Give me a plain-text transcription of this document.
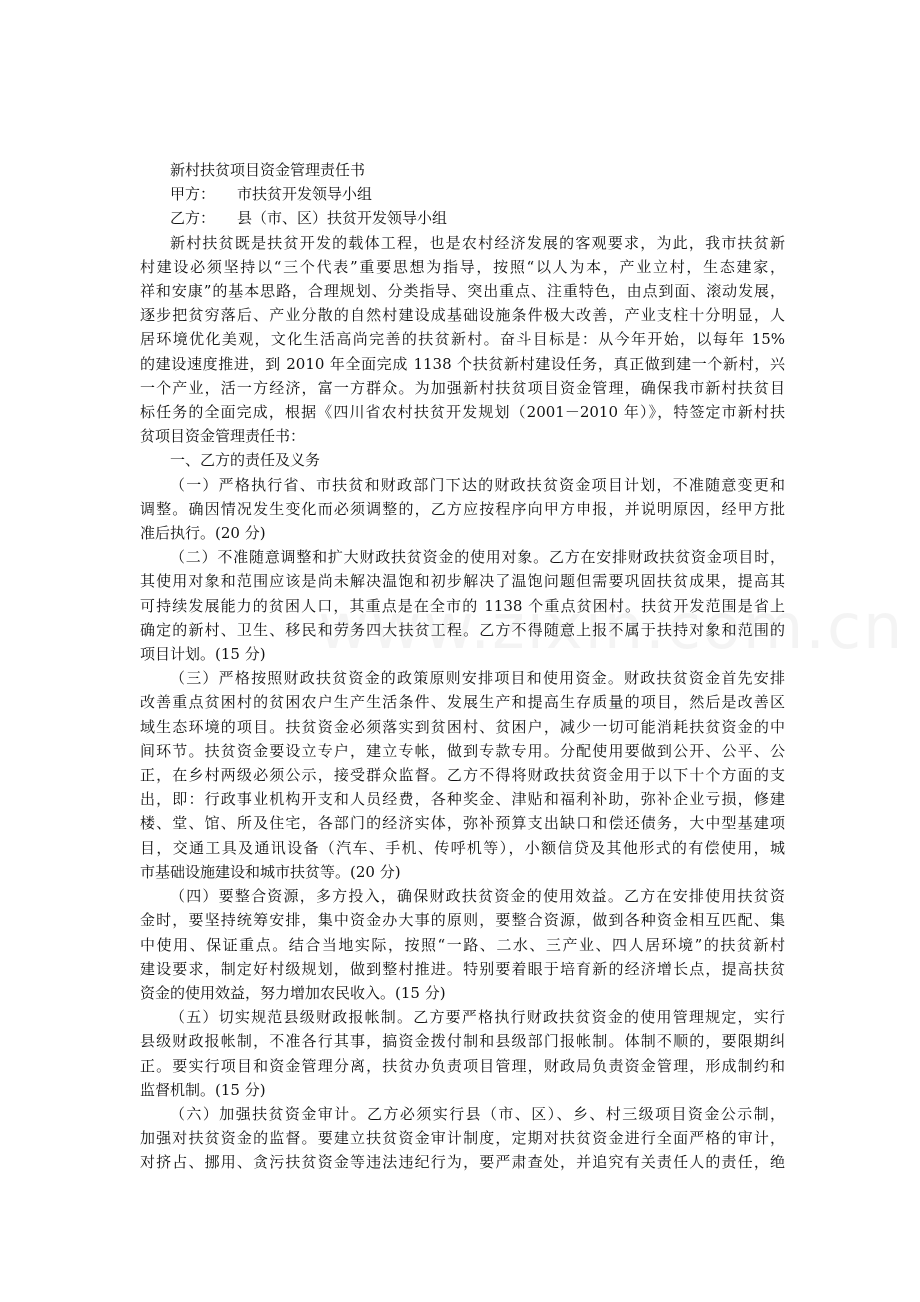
新村扶贫项目资金管理责任书

甲方： 市扶贫开发领导小组

乙方： 县（市、区）扶贫开发领导小组

新村扶贫既是扶贫开发的载体工程，也是农村经济发展的客观要求，为此，我市扶贫新

村建设必须坚持以“三个代表”重要思想为指导，按照“以人为本，产业立村，生态建家，

祥和安康”的基本思路，合理规划、分类指导、突出重点、注重特色，由点到面、滚动发展，

逐步把贫穷落后、产业分散的自然村建设成基础设施条件极大改善，产业支柱十分明显，人

居环境优化美观，文化生活高尚完善的扶贫新村。奋斗目标是：从今年开始，以每年 15%

的建设速度推进，到 2010 年全面完成 1138 个扶贫新村建设任务，真正做到建一个新村，兴

一个产业，活一方经济，富一方群众。为加强新村扶贫项目资金管理，确保我市新村扶贫目

标任务的全面完成，根据《四川省农村扶贫开发规划（2001－2010 年）》，特签定市新村扶

贫项目资金管理责任书：

一、乙方的责任及义务

（一）严格执行省、市扶贫和财政部门下达的财政扶贫资金项目计划，不准随意变更和

调整。确因情况发生变化而必须调整的，乙方应按程序向甲方申报，并说明原因，经甲方批

准后执行。(20 分)

（二）不准随意调整和扩大财政扶贫资金的使用对象。乙方在安排财政扶贫资金项目时，

其使用对象和范围应该是尚未解决温饱和初步解决了温饱问题但需要巩固扶贫成果，提高其

可持续发展能力的贫困人口，其重点是在全市的 1138 个重点贫困村。扶贫开发范围是省上

确定的新村、卫生、移民和劳务四大扶贫工程。乙方不得随意上报不属于扶持对象和范围的

项目计划。(15 分)

（三）严格按照财政扶贫资金的政策原则安排项目和使用资金。财政扶贫资金首先安排

改善重点贫困村的贫困农户生产生活条件、发展生产和提高生存质量的项目，然后是改善区

域生态环境的项目。扶贫资金必须落实到贫困村、贫困户，减少一切可能消耗扶贫资金的中

间环节。扶贫资金要设立专户，建立专帐，做到专款专用。分配使用要做到公开、公平、公

正，在乡村两级必须公示，接受群众监督。乙方不得将财政扶贫资金用于以下十个方面的支

出，即：行政事业机构开支和人员经费，各种奖金、津贴和福利补助，弥补企业亏损，修建

楼、堂、馆、所及住宅，各部门的经济实体，弥补预算支出缺口和偿还债务，大中型基建项

目，交通工具及通讯设备（汽车、手机、传呼机等），小额信贷及其他形式的有偿使用，城

市基础设施建设和城市扶贫等。(20 分)

（四）要整合资源，多方投入，确保财政扶贫资金的使用效益。乙方在安排使用扶贫资

金时，要坚持统筹安排，集中资金办大事的原则，要整合资源，做到各种资金相互匹配、集

中使用、保证重点。结合当地实际，按照“一路、二水、三产业、四人居环境”的扶贫新村

建设要求，制定好村级规划，做到整村推进。特别要着眼于培育新的经济增长点，提高扶贫

资金的使用效益，努力增加农民收入。(15 分)

（五）切实规范县级财政报帐制。乙方要严格执行财政扶贫资金的使用管理规定，实行

县级财政报帐制，不准各行其事，搞资金拨付制和县级部门报帐制。体制不顺的，要限期纠

正。要实行项目和资金管理分离，扶贫办负责项目管理，财政局负责资金管理，形成制约和

监督机制。(15 分)

（六）加强扶贫资金审计。乙方必须实行县（市、区）、乡、村三级项目资金公示制，

加强对扶贫资金的监督。要建立扶贫资金审计制度，定期对扶贫资金进行全面严格的审计，

对挤占、挪用、贪污扶贫资金等违法违纪行为，要严肃查处，并追究有关责任人的责任，绝
